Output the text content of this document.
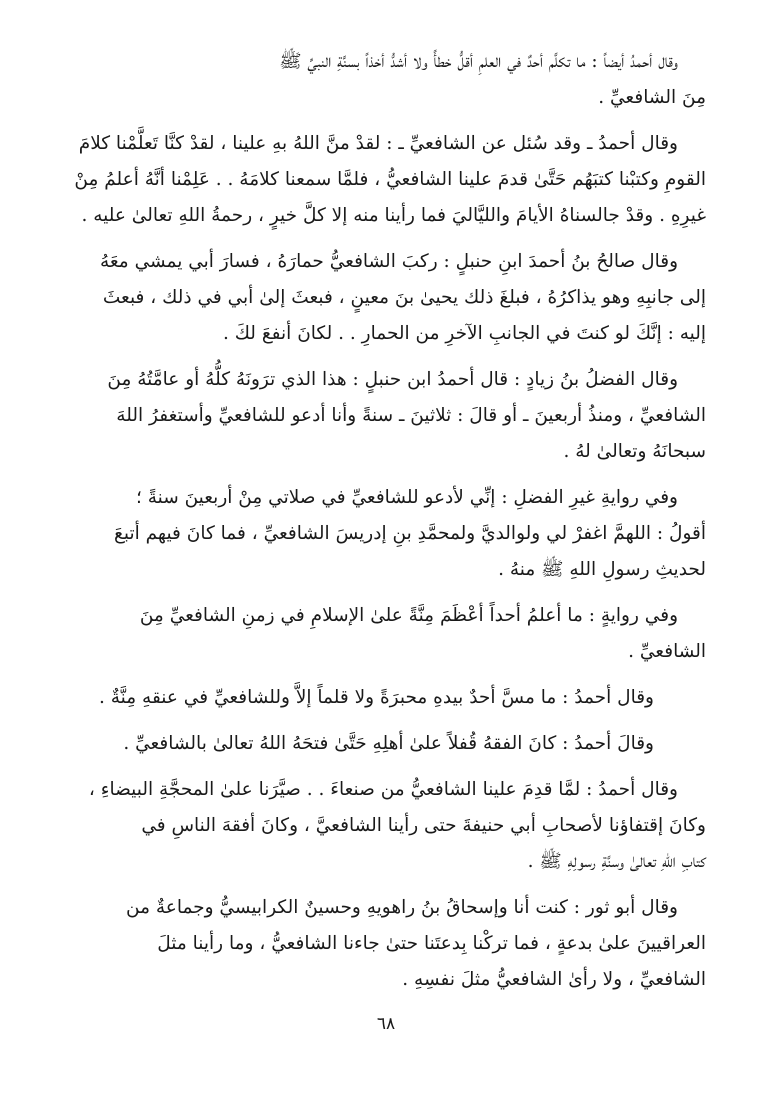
وقال أحمدُ أيضاً : ما تكلَّم أحدٌ في العلمِ أقلُّ خطأً ولا أشدُّ أخذاً بسنَّةِ النبيِّ ﷺ

مِنَ الشافعيِّ .

وقال أحمدُ ـ وقد سُئل عن الشافعيِّ ـ : لقدْ منَّ اللهُ بهِ علينا ، لقدْ كنَّا تَعلَّمْنا كلامَ

القومِ وكتبْنا كتبَهُم حَتَّىٰ قدمَ علينا الشافعيُّ ، فلمَّا سمعنا كلامَهُ . . عَلِمْنا أنَّهُ أعلمُ مِنْ

غيرِهِ . وقدْ جالسناهُ الأيامَ والليَّاليَ فما رأينا منه إلا كلَّ خيرٍ ، رحمةُ اللهِ تعالىٰ عليه .

وقال صالحُ بنُ أحمدَ ابنِ حنبلٍ : ركبَ الشافعيُّ حمارَهُ ، فسارَ أبي يمشي معَهُ

إلى جانبِهِ وهو يذاكرُهُ ، فبلغَ ذلك يحيىٰ بنَ معينٍ ، فبعثَ إلىٰ أبي في ذلك ، فبعثَ

إليه : إنَّكَ لو كنتَ في الجانبِ الآخرِ من الحمارِ . . لكانَ أنفعَ لكَ .

وقال الفضلُ بنُ زيادٍ : قال أحمدُ ابن حنبلٍ : هذا الذي ترَونَهُ كلُّهُ أو عامَّتُهُ مِنَ

الشافعيِّ ، ومنذُ أربعينَ ـ أو قالَ : ثلاثينَ ـ سنةً وأنا أدعو للشافعيِّ وأستغفرُ اللهَ

سبحانَهُ وتعالىٰ لهُ .

وفي روايةِ غيرِ الفضلِ : إنِّي لأدعو للشافعيِّ في صلاتي مِنْ أربعينَ سنةً ؛

أقولُ : اللهمَّ اغفرْ لي ولوالديَّ ولمحمَّدِ بنِ إدريسَ الشافعيِّ ، فما كانَ فيهم أتبعَ

لحديثِ رسولِ اللهِ ﷺ منهُ .

وفي روايةٍ : ما أعلمُ أحداً أعْظَمَ مِنَّةً علىٰ الإسلامِ في زمنِ الشافعيِّ مِنَ

الشافعيِّ .

وقال أحمدُ : ما مسَّ أحدٌ بيدهِ محبرَةً ولا قلماً إلاَّ وللشافعيِّ في عنقهِ مِنَّةٌ .

وقالَ أحمدُ : كانَ الفقهُ قُفلاً علىٰ أهلِهِ حَتَّىٰ فتحَهُ اللهُ تعالىٰ بالشافعيِّ .

وقال أحمدُ : لمَّا قدِمَ علينا الشافعيُّ من صنعاءَ . . صيَّرَنا علىٰ المحجَّةِ البيضاءِ ،

وكانَ إقتفاؤنا لأصحابِ أبي حنيفةَ حتى رأينا الشافعيَّ ، وكانَ أفقهَ الناسِ في

كتابِ اللهِ تعالىٰ وسنَّةِ رسولِهِ ﷺ .

وقال أبو ثور : كنت أنا وإسحاقُ بنُ راهويهِ وحسينٌ الكرابيسيُّ وجماعةٌ من

العراقيينَ علىٰ بدعةٍ ، فما تركْنا بِدعتَنا حتىٰ جاءنا الشافعيُّ ، وما رأينا مثلَ

الشافعيِّ ، ولا رأىٰ الشافعيُّ مثلَ نفسِهِ .

٦٨
